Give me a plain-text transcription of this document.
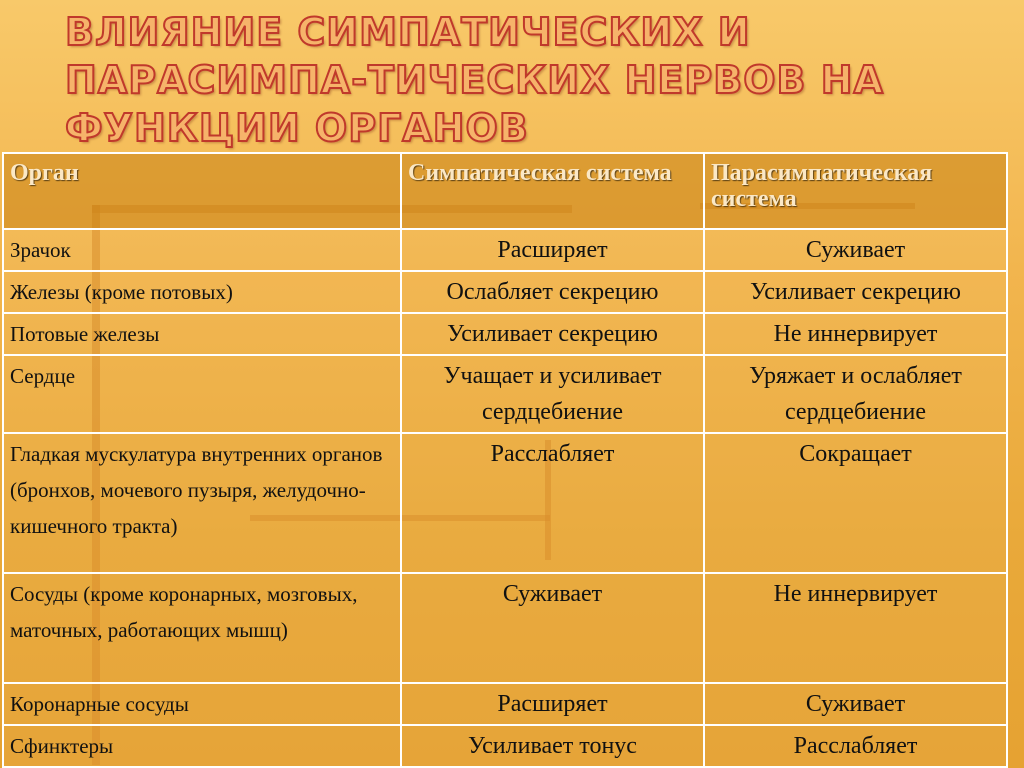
ВЛИЯНИЕ СИМПАТИЧЕСКИХ И ПАРАСИМПА-ТИЧЕСКИХ НЕРВОВ НА ФУНКЦИИ ОРГАНОВ
Орган	Симпатическая система	Парасимпатическая система
Зрачок	Расширяет	Суживает
Железы (кроме потовых)	Ослабляет секрецию	Усиливает секрецию
Потовые железы	Усиливает секрецию	Не иннервирует
Сердце	Учащает и усиливает сердцебиение	Уряжает и ослабляет сердцебиение
Гладкая мускулатура внутренних органов (бронхов, мочевого пузыря, желудочно-кишечного тракта)	Расслабляет	Сокращает
Сосуды (кроме коронарных, мозговых, маточных, работающих мышц)	Суживает	Не иннервирует
Коронарные сосуды	Расширяет	Суживает
Сфинктеры	Усиливает тонус	Расслабляет
